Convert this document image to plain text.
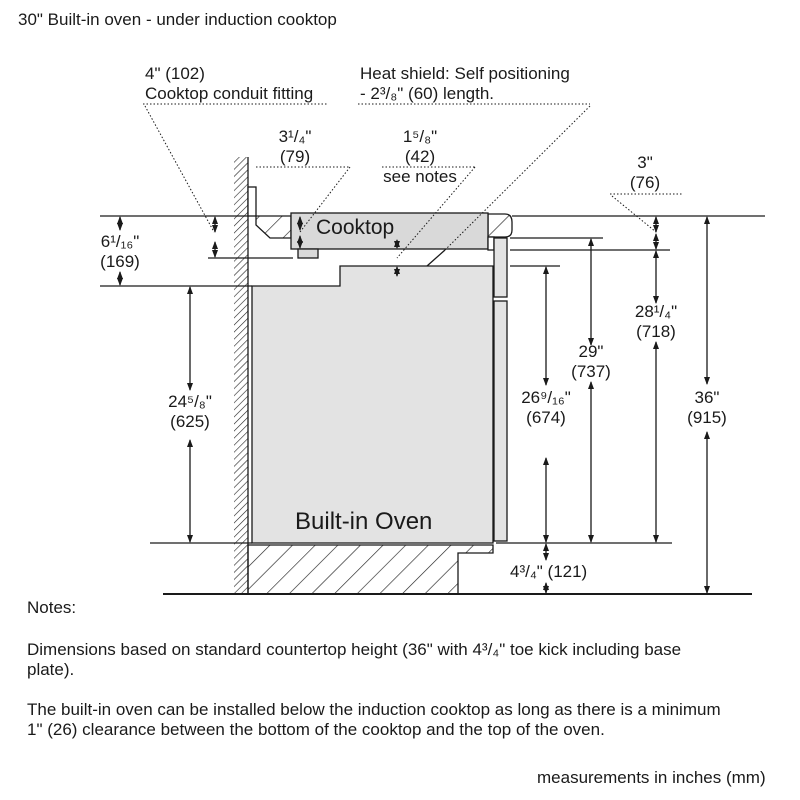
30" Built-in oven - under induction cooktop
Cooktop
Built-in Oven
4" (102)
Cooktop conduit fitting
Heat shield: Self positioning
- 2³/₈" (60) length.
3¹/₄"
(79)
1⁵/₈"
(42)
see notes
3"
(76)
6¹/₁₆"
(169)
24⁵/₈"
(625)
26⁹/₁₆"
(674)
29"
(737)
28¹/₄"
(718)
36"
(915)
4³/₄" (121)
Notes:
Dimensions based on standard countertop height (36" with 4³/₄" toe kick including base plate).
The built-in oven can be installed below the induction cooktop as long as there is a minimum 1" (26) clearance between the bottom of the cooktop and the top of the oven.
measurements in inches (mm)
